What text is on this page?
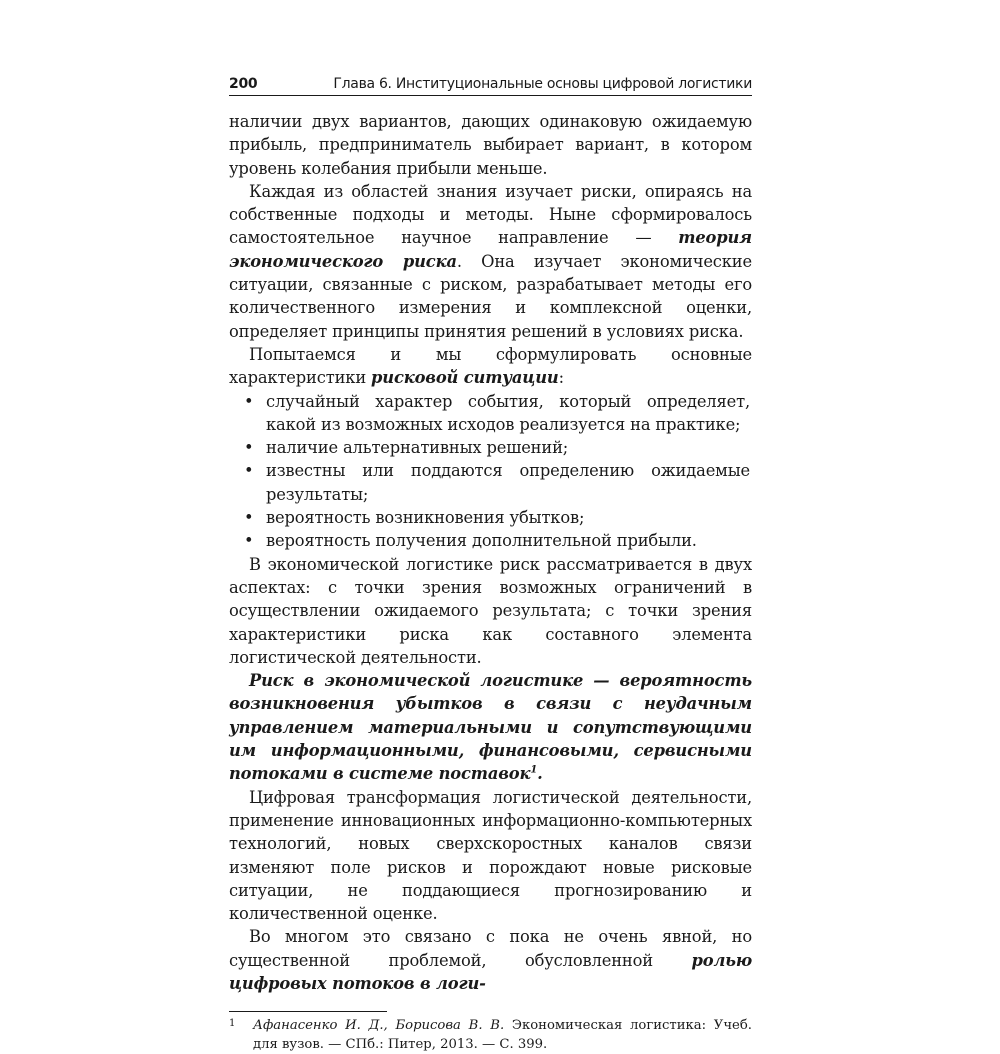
200	Глава 6. Институциональные основы цифровой логистики

наличии двух вариантов, дающих одинаковую ожидаемую прибыль, предприниматель выбирает вариант, в котором уровень колебания прибыли меньше.

Каждая из областей знания изучает риски, опираясь на собственные подходы и методы. Ныне сформировалось самостоятельное научное направление — теория экономического риска. Она изучает экономические ситуации, связанные с риском, разрабатывает методы его количественного измерения и комплексной оценки, определяет принципы принятия решений в условиях риска.

Попытаемся и мы сформулировать основные характеристики рисковой ситуации:

• случайный характер события, который определяет, какой из возможных исходов реализуется на практике;
• наличие альтернативных решений;
• известны или поддаются определению ожидаемые результаты;
• вероятность возникновения убытков;
• вероятность получения дополнительной прибыли.

В экономической логистике риск рассматривается в двух аспектах: с точки зрения возможных ограничений в осуществлении ожидаемого результата; с точки зрения характеристики риска как составного элемента логистической деятельности.

Риск в экономической логистике — вероятность возникновения убытков в связи с неудачным управлением материальными и сопутствующими им информационными, финансовыми, сервисными потоками в системе поставок$^1$.

Цифровая трансформация логистической деятельности, применение инновационных информационно-компьютерных технологий, новых сверхскоростных каналов связи изменяют поле рисков и порождают новые рисковые ситуации, не поддающиеся прогнозированию и количественной оценке.

Во многом это связано с пока не очень явной, но существенной проблемой, обусловленной ролью цифровых потоков в логи-

1 Афанасенко И. Д., Борисова В. В. Экономическая логистика: Учеб. для вузов. — СПб.: Питер, 2013. — С. 399.
